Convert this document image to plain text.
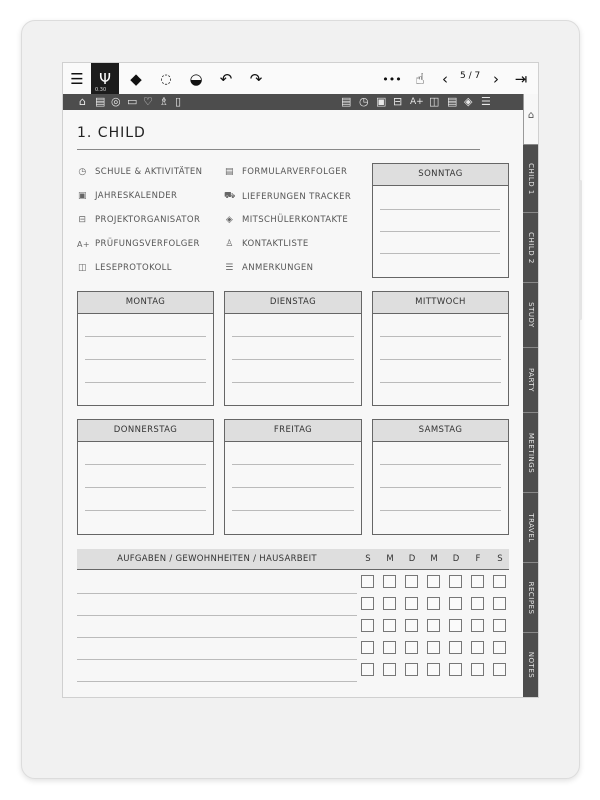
☰ Ψ
0.30
◆	◌	◒	↶	↷	••• ☝	‹	5 / 7 › ⇥
⌂ ▤ ◎ ▭ ♡ ♗ ▯	▤ ◷ ▣ ⊟ A+ ◫ ▤ ◈ ☰
⌂
CHILD 1
CHILD 2
STUDY
PARTY
MEETINGS
TRAVEL
RECIPES
NOTES
1. CHILD
◷ SCHULE & AKTIVITÄTEN
▣ JAHRESKALENDER
⊟ PROJEKTORGANISATOR
A+ PRÜFUNGSVERFOLGER
◫ LESEPROTOKOLL
▤ FORMULARVERFOLGER
⛟ LIEFERUNGEN TRACKER
◈ MITSCHÜLERKONTAKTE
♙ KONTAKTLISTE
☰ ANMERKUNGEN
SONNTAG
MONTAG	DIENSTAG	MITTWOCH
DONNERSTAG	FREITAG	SAMSTAG
AUFGABEN / GEWOHNHEITEN / HAUSARBEIT	S	M	D	M	D	F	S
